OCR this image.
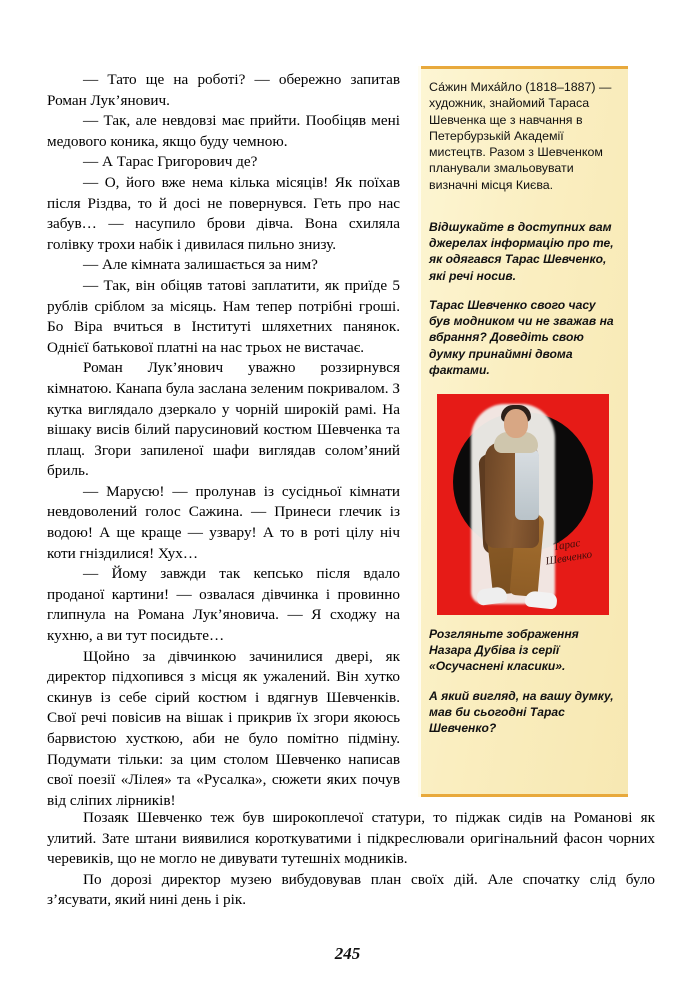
— Тато ще на роботі? — обережно запитав Роман Лук’янович.

— Так, але невдовзі має прийти. Пообіцяв мені медового коника, якщо буду чемною.

— А Тарас Григорович де?

— О, його вже нема кілька місяців! Як поїхав після Різдва, то й досі не повернувся. Геть про нас забув… — насупило брови дівча. Вона схиляла голівку трохи набік і дивилася пильно знизу.

— Але кімната залишається за ним?

— Так, він обіцяв татові заплатити, як приїде 5 рублів сріблом за місяць. Нам тепер потрібні гроші. Бо Віра вчиться в Інституті шляхетних панянок. Однієї батькової платні на нас трьох не вистачає.

Роман Лук’янович уважно роззирнувся кімнатою. Канапа була заслана зеленим покривалом. З кутка виглядало дзеркало у чорній широкій рамі. На вішаку висів білий парусиновий костюм Шевченка та плащ. Згори запиленої шафи виглядав солом’яний бриль.

— Марусю! — пролунав із сусідньої кімнати невдоволений голос Сажина. — Принеси глечик із водою! А ще краще — узвару! А то в роті цілу ніч коти гніздилися! Хух…

— Йому завжди так кепсько після вдало проданої картини! — озвалася дівчинка і провинно глипнула на Романа Лук’яновича. — Я сходжу на кухню, а ви тут посидьте…

Щойно за дівчинкою зачинилися двері, як директор підхопився з місця як ужалений. Він хутко скинув із себе сірий костюм і вдягнув Шевченків. Свої речі повісив на вішак і прикрив їх згори якоюсь барвистою хусткою, аби не було помітно підміну. Подумати тільки: за цим столом Шевченко написав свої поезії «Лілея» та «Русалка», сюжети яких почув від сліпих лірників!

Са́жин Миха́йло (1818–1887) — художник, знайомий Тараса Шевченка ще з навчання в Петербурзькій Академії мистецтв. Разом з Шевченком планували змальовувати визначні місця Києва.

Відшукайте в доступних вам джерелах інформацію про те, як одягався Тарас Шевченко, які речі носив.

Тарас Шевченко свого часу був модником чи не зважав на вбрання? Доведіть свою думку принаймні двома фактами.

Тарас Шевченко

Розгляньте зображення Назара Дубіва із серії «Осучаснені класики».

А який вигляд, на вашу думку, мав би сьогодні Тарас Шевченко?

Позаяк Шевченко теж був широкоплечої статури, то піджак сидів на Романові як улитий. Зате штани виявилися короткуватими і підкреслювали оригінальний фасон чорних черевиків, що не могло не дивувати тутешніх модників.

По дорозі директор музею вибудовував план своїх дій. Але спочатку слід було з’ясувати, який нині день і рік.

245
